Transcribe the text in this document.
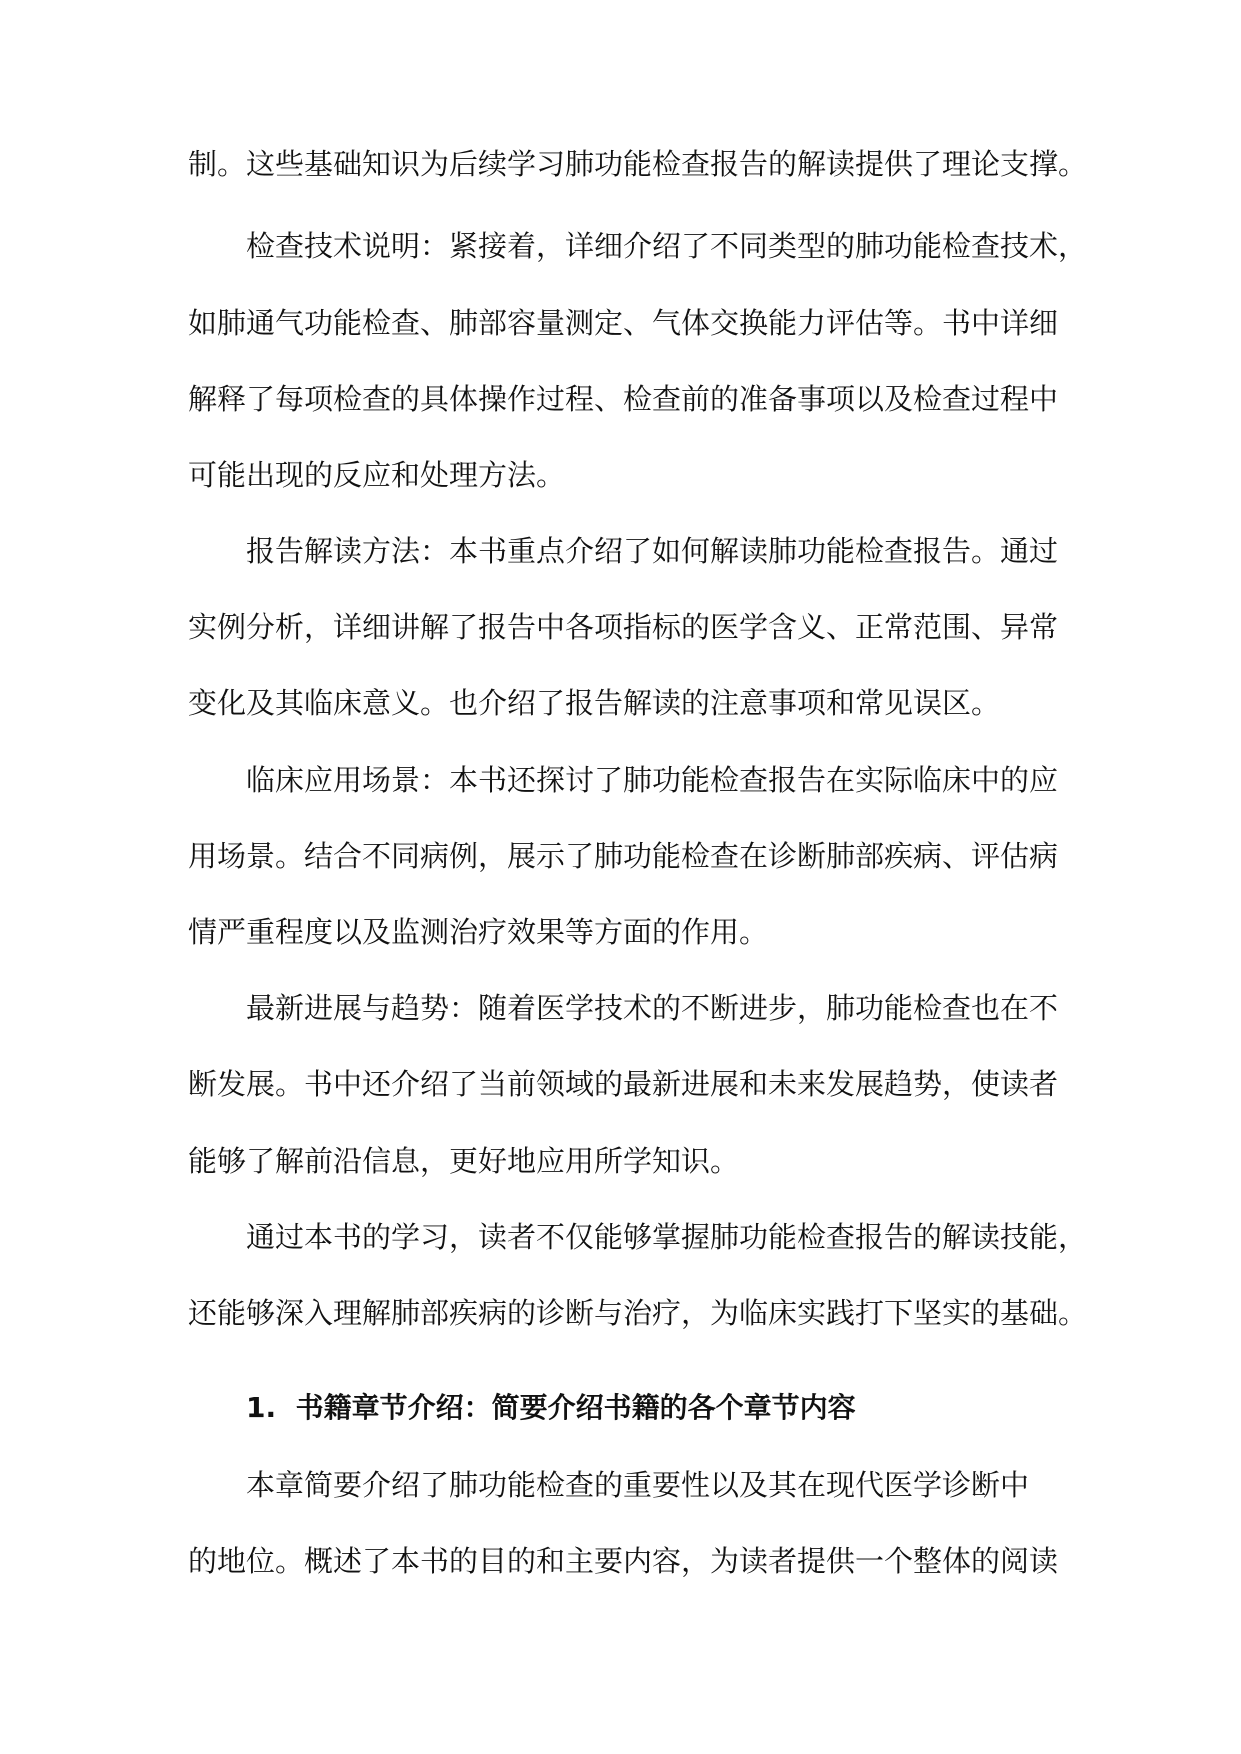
制。这些基础知识为后续学习肺功能检查报告的解读提供了理论支撑。

检查技术说明：紧接着，详细介绍了不同类型的肺功能检查技术，

如肺通气功能检查、肺部容量测定、气体交换能力评估等。书中详细

解释了每项检查的具体操作过程、检查前的准备事项以及检查过程中

可能出现的反应和处理方法。

报告解读方法：本书重点介绍了如何解读肺功能检查报告。通过

实例分析，详细讲解了报告中各项指标的医学含义、正常范围、异常

变化及其临床意义。也介绍了报告解读的注意事项和常见误区。

临床应用场景：本书还探讨了肺功能检查报告在实际临床中的应

用场景。结合不同病例，展示了肺功能检查在诊断肺部疾病、评估病

情严重程度以及监测治疗效果等方面的作用。

最新进展与趋势：随着医学技术的不断进步，肺功能检查也在不

断发展。书中还介绍了当前领域的最新进展和未来发展趋势，使读者

能够了解前沿信息，更好地应用所学知识。

通过本书的学习，读者不仅能够掌握肺功能检查报告的解读技能，

还能够深入理解肺部疾病的诊断与治疗，为临床实践打下坚实的基础。

1. 书籍章节介绍：简要介绍书籍的各个章节内容

本章简要介绍了肺功能检查的重要性以及其在现代医学诊断中

的地位。概述了本书的目的和主要内容，为读者提供一个整体的阅读
